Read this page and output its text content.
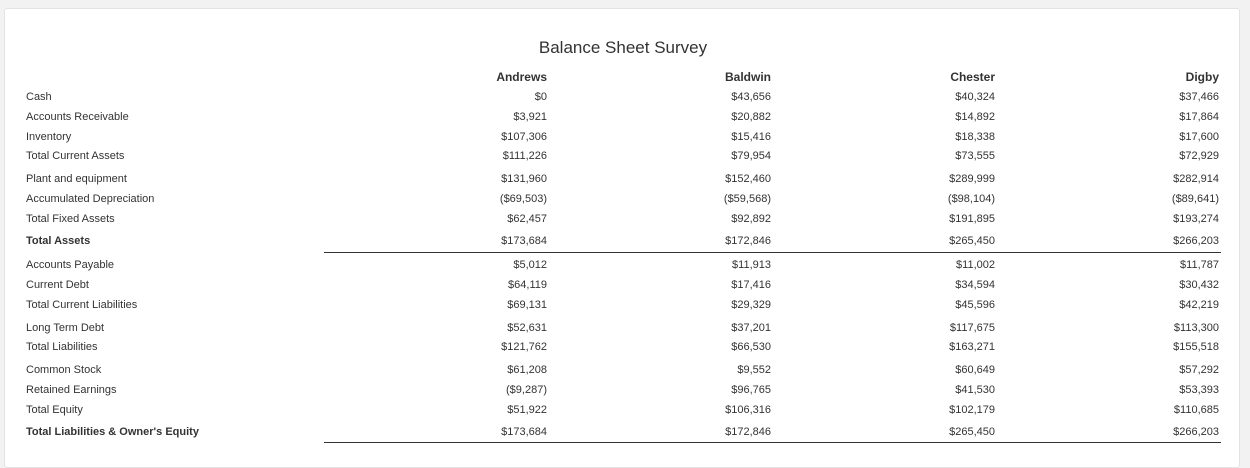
Balance Sheet Survey
Andrews	Baldwin	Chester	Digby
Cash	$0	$43,656	$40,324	$37,466
Accounts Receivable	$3,921	$20,882	$14,892	$17,864
Inventory	$107,306	$15,416	$18,338	$17,600
Total Current Assets	$111,226	$79,954	$73,555	$72,929
Plant and equipment	$131,960	$152,460	$289,999	$282,914
Accumulated Depreciation	($69,503)	($59,568)	($98,104)	($89,641)
Total Fixed Assets	$62,457	$92,892	$191,895	$193,274
Total Assets	$173,684	$172,846	$265,450	$266,203
Accounts Payable	$5,012	$11,913	$11,002	$11,787
Current Debt	$64,119	$17,416	$34,594	$30,432
Total Current Liabilities	$69,131	$29,329	$45,596	$42,219
Long Term Debt	$52,631	$37,201	$117,675	$113,300
Total Liabilities	$121,762	$66,530	$163,271	$155,518
Common Stock	$61,208	$9,552	$60,649	$57,292
Retained Earnings	($9,287)	$96,765	$41,530	$53,393
Total Equity	$51,922	$106,316	$102,179	$110,685
Total Liabilities & Owner's Equity	$173,684	$172,846	$265,450	$266,203
